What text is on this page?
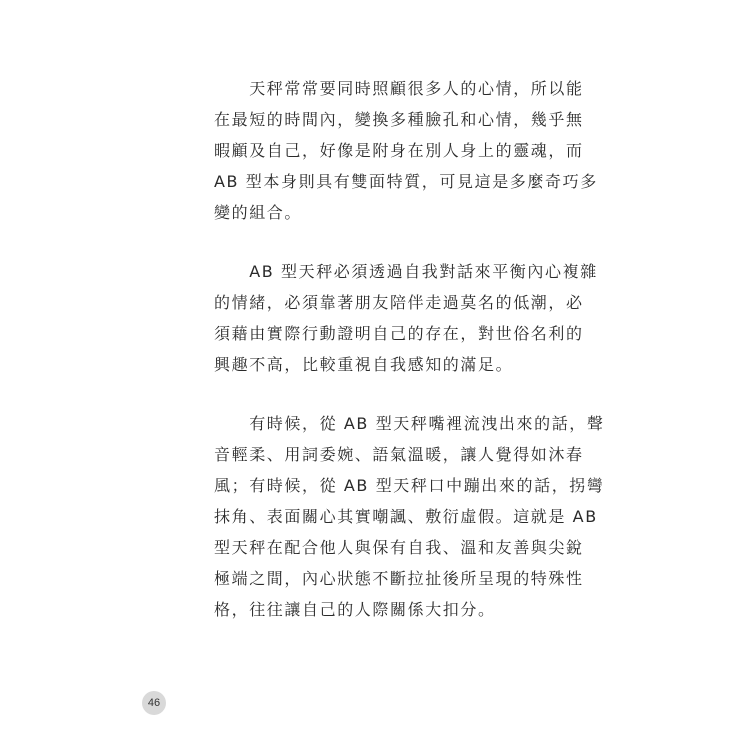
　　天秤常常要同時照顧很多人的心情，所以能
在最短的時間內，變換多種臉孔和心情，幾乎無
暇顧及自己，好像是附身在別人身上的靈魂，而
AB 型本身則具有雙面特質，可見這是多麼奇巧多
變的組合。
　　AB 型天秤必須透過自我對話來平衡內心複雜
的情緒，必須靠著朋友陪伴走過莫名的低潮，必
須藉由實際行動證明自己的存在，對世俗名利的
興趣不高，比較重視自我感知的滿足。
　　有時候，從 AB 型天秤嘴裡流洩出來的話，聲
音輕柔、用詞委婉、語氣溫暖，讓人覺得如沐春
風；有時候，從 AB 型天秤口中蹦出來的話，拐彎
抹角、表面關心其實嘲諷、敷衍虛假。這就是 AB
型天秤在配合他人與保有自我、溫和友善與尖銳
極端之間，內心狀態不斷拉扯後所呈現的特殊性
格，往往讓自己的人際關係大扣分。
46
